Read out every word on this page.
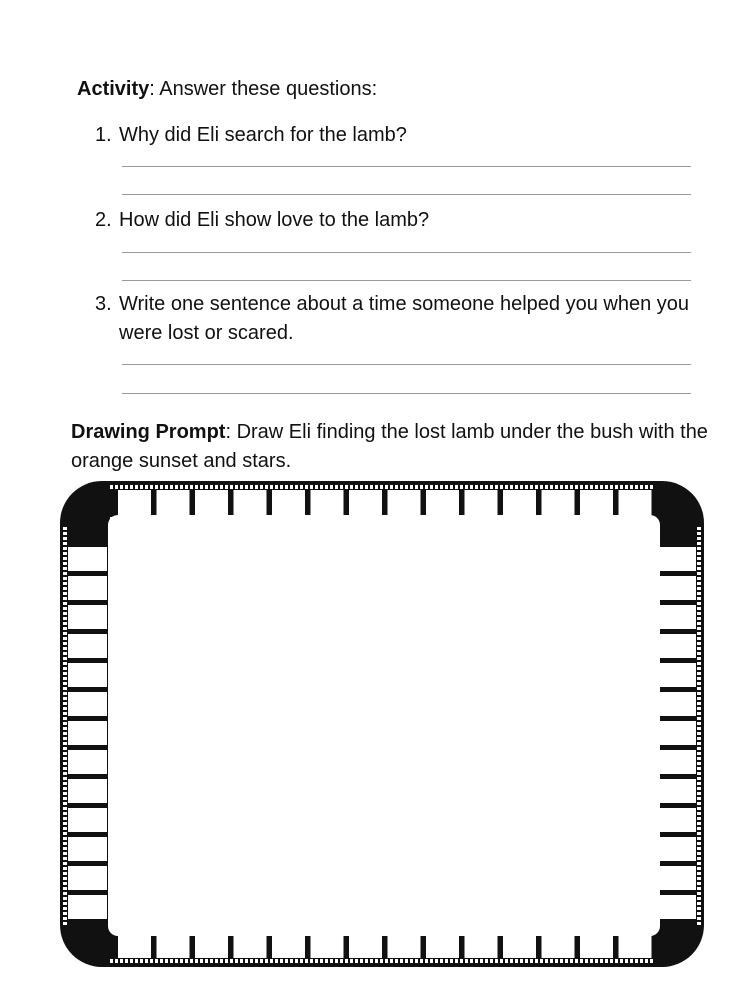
Activity: Answer these questions:
1. Why did Eli search for the lamb?
2. How did Eli show love to the lamb?
3. Write one sentence about a time someone helped you when you were lost or scared.
Drawing Prompt: Draw Eli finding the lost lamb under the bush with the orange sunset and stars.
